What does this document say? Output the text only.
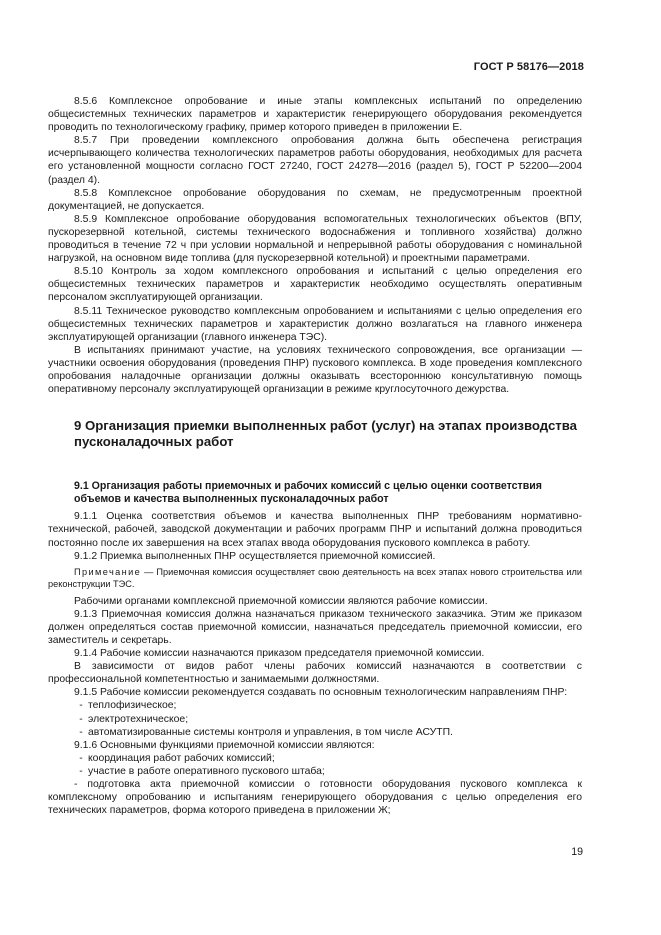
ГОСТ Р 58176—2018

8.5.6 Комплексное опробование и иные этапы комплексных испытаний по определению общесистемных технических параметров и характеристик генерирующего оборудования рекомендуется проводить по технологическому графику, пример которого приведен в приложении Е.

8.5.7 При проведении комплексного опробования должна быть обеспечена регистрация исчерпывающего количества технологических параметров работы оборудования, необходимых для расчета его установленной мощности согласно ГОСТ 27240, ГОСТ 24278—2016 (раздел 5), ГОСТ Р 52200—2004 (раздел 4).

8.5.8 Комплексное опробование оборудования по схемам, не предусмотренным проектной документацией, не допускается.

8.5.9 Комплексное опробование оборудования вспомогательных технологических объектов (ВПУ, пускорезервной котельной, системы технического водоснабжения и топливного хозяйства) должно проводиться в течение 72 ч при условии нормальной и непрерывной работы оборудования с номинальной нагрузкой, на основном виде топлива (для пускорезервной котельной) и проектными параметрами.

8.5.10 Контроль за ходом комплексного опробования и испытаний с целью определения его общесистемных технических параметров и характеристик необходимо осуществлять оперативным персоналом эксплуатирующей организации.

8.5.11 Техническое руководство комплексным опробованием и испытаниями с целью определения его общесистемных технических параметров и характеристик должно возлагаться на главного инженера эксплуатирующей организации (главного инженера ТЭС).

В испытаниях принимают участие, на условиях технического сопровождения, все организации — участники освоения оборудования (проведения ПНР) пускового комплекса. В ходе проведения комплексного опробования наладочные организации должны оказывать всестороннюю консультативную помощь оперативному персоналу эксплуатирующей организации в режиме круглосуточного дежурства.

9 Организация приемки выполненных работ (услуг) на этапах производства пусконаладочных работ
9.1 Организация работы приемочных и рабочих комиссий с целью оценки соответствия объемов и качества выполненных пусконаладочных работ

9.1.1 Оценка соответствия объемов и качества выполненных ПНР требованиям нормативно-технической, рабочей, заводской документации и рабочих программ ПНР и испытаний должна проводиться постоянно после их завершения на всех этапах ввода оборудования пускового комплекса в работу.

9.1.2 Приемка выполненных ПНР осуществляется приемочной комиссией.

Примечание — Приемочная комиссия осуществляет свою деятельность на всех этапах нового строительства или реконструкции ТЭС.

Рабочими органами комплексной приемочной комиссии являются рабочие комиссии.

9.1.3 Приемочная комиссия должна назначаться приказом технического заказчика. Этим же приказом должен определяться состав приемочной комиссии, назначаться председатель приемочной комиссии, его заместитель и секретарь.

9.1.4 Рабочие комиссии назначаются приказом председателя приемочной комиссии.

В зависимости от видов работ члены рабочих комиссий назначаются в соответствии с профессиональной компетентностью и занимаемыми должностями.

9.1.5 Рабочие комиссии рекомендуется создавать по основным технологическим направлениям ПНР:

- теплофизическое;
- электротехническое;
- автоматизированные системы контроля и управления, в том числе АСУТП.

9.1.6 Основными функциями приемочной комиссии являются:

- координация работ рабочих комиссий;
- участие в работе оперативного пускового штаба;

- подготовка акта приемочной комиссии о готовности оборудования пускового комплекса к комплексному опробованию и испытаниям генерирующего оборудования с целью определения его технических параметров, форма которого приведена в приложении Ж;

19
